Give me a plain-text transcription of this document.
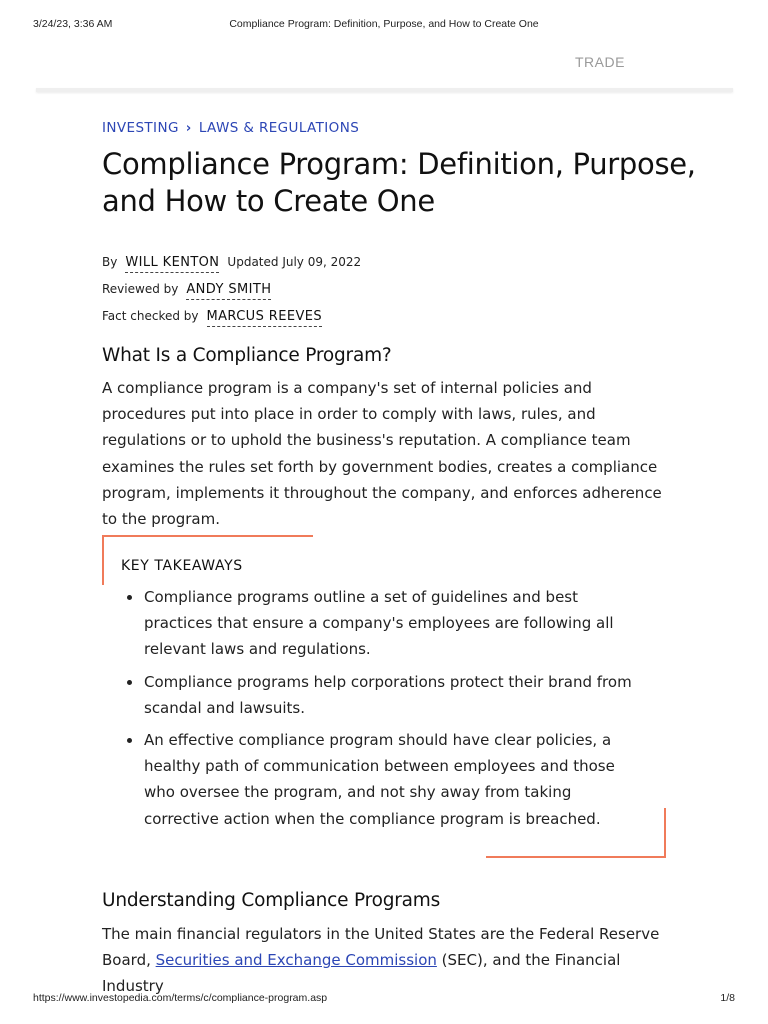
3/24/23, 3:36 AM	Compliance Program: Definition, Purpose, and How to Create One
TRADE
INVESTING › LAWS & REGULATIONS
Compliance Program: Definition, Purpose, and How to Create One
By WILL KENTON Updated July 09, 2022
Reviewed by ANDY SMITH
Fact checked by MARCUS REEVES
What Is a Compliance Program?

A compliance program is a company's set of internal policies and procedures put into place in order to comply with laws, rules, and regulations or to uphold the business's reputation. A compliance team examines the rules set forth by government bodies, creates a compliance program, implements it throughout the company, and enforces adherence to the program.

KEY TAKEAWAYS
Compliance programs outline a set of guidelines and best practices that ensure a company's employees are following all relevant laws and regulations.
Compliance programs help corporations protect their brand from scandal and lawsuits.
An effective compliance program should have clear policies, a healthy path of communication between employees and those who oversee the program, and not shy away from taking corrective action when the compliance program is breached.
Understanding Compliance Programs

The main financial regulators in the United States are the Federal Reserve Board, Securities and Exchange Commission (SEC), and the Financial Industry

https://www.investopedia.com/terms/c/compliance-program.asp	1/8
